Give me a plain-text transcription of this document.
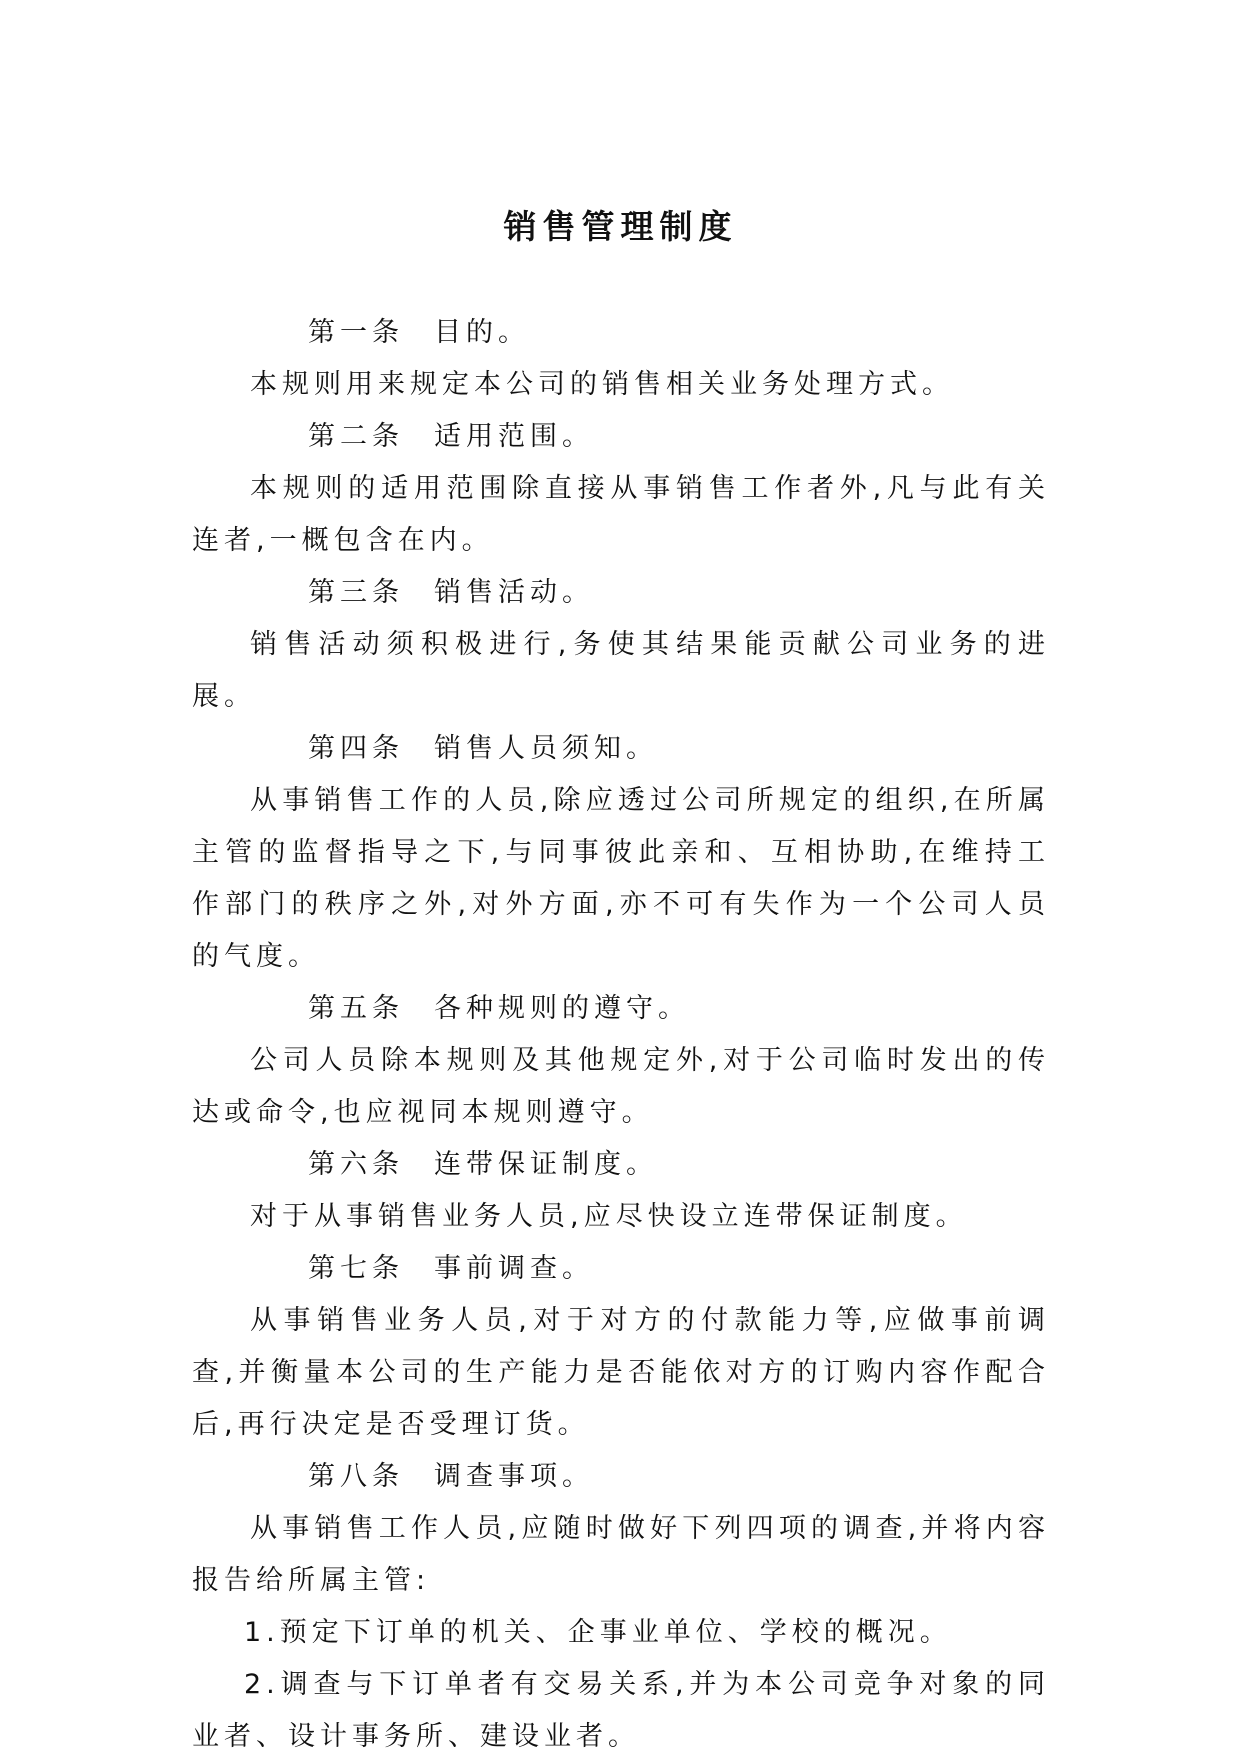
销售管理制度

第一条 目的。

本规则用来规定本公司的销售相关业务处理方式。

第二条 适用范围。

本规则的适用范围除直接从事销售工作者外,凡与此有关连者,一概包含在内。

第三条 销售活动。

销售活动须积极进行,务使其结果能贡献公司业务的进展。

第四条 销售人员须知。

从事销售工作的人员,除应透过公司所规定的组织,在所属主管的监督指导之下,与同事彼此亲和、互相协助,在维持工作部门的秩序之外,对外方面,亦不可有失作为一个公司人员的气度。

第五条 各种规则的遵守。

公司人员除本规则及其他规定外,对于公司临时发出的传达或命令,也应视同本规则遵守。

第六条 连带保证制度。

对于从事销售业务人员,应尽快设立连带保证制度。

第七条 事前调查。

从事销售业务人员,对于对方的付款能力等,应做事前调查,并衡量本公司的生产能力是否能依对方的订购内容作配合后,再行决定是否受理订货。

第八条 调查事项。

从事销售工作人员,应随时做好下列四项的调查,并将内容报告给所属主管:

1.预定下订单的机关、企事业单位、学校的概况。

2.调查与下订单者有交易关系,并为本公司竞争对象的同业者、设计事务所、建设业者。
